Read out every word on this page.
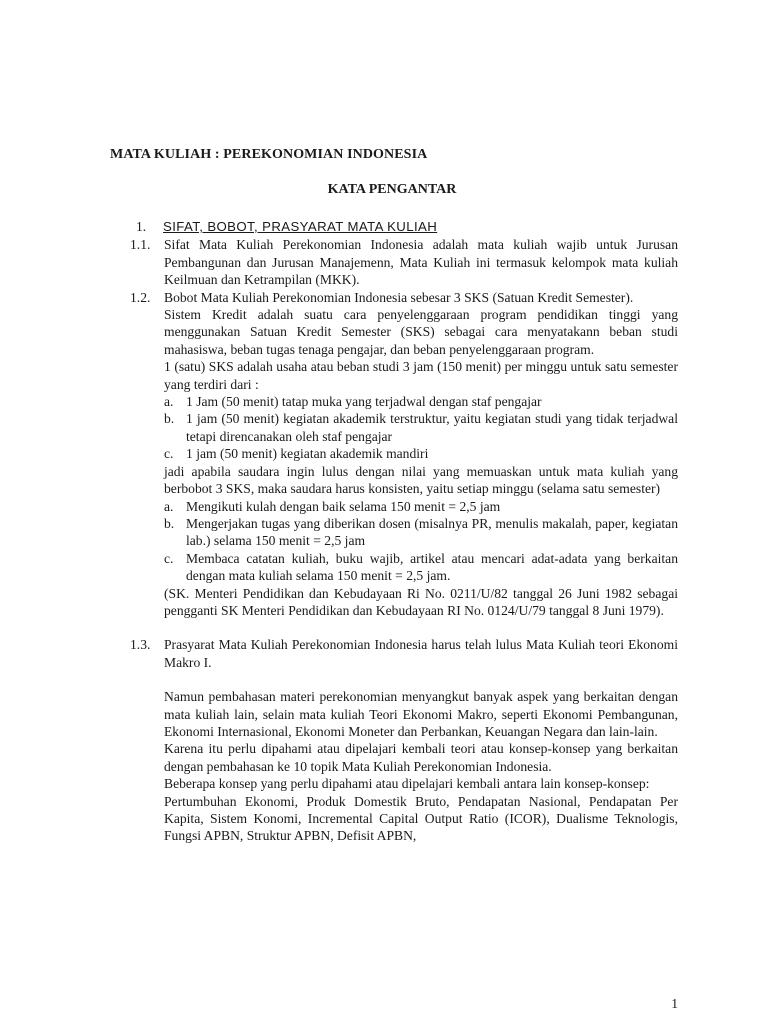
MATA KULIAH : PEREKONOMIAN INDONESIA
KATA PENGANTAR
1.	SIFAT, BOBOT, PRASYARAT MATA KULIAH
1.1.	Sifat Mata Kuliah Perekonomian Indonesia adalah mata kuliah wajib untuk Jurusan Pembangunan dan Jurusan Manajemenn, Mata Kuliah ini termasuk kelompok mata kuliah Keilmuan dan Ketrampilan (MKK).
1.2.	Bobot Mata Kuliah Perekonomian Indonesia sebesar 3 SKS (Satuan Kredit Semester).
Sistem Kredit adalah suatu cara penyelenggaraan program pendidikan tinggi yang menggunakan Satuan Kredit Semester (SKS) sebagai cara menyatakann beban studi mahasiswa, beban tugas tenaga pengajar, dan beban penyelenggaraan program.
1 (satu) SKS adalah usaha atau beban studi 3 jam (150 menit) per minggu untuk satu semester yang terdiri dari :
a. 1 Jam (50 menit) tatap muka yang terjadwal dengan staf pengajar
b. 1 jam (50 menit) kegiatan akademik terstruktur, yaitu kegiatan studi yang tidak terjadwal tetapi direncanakan oleh staf pengajar
c. 1 jam (50 menit) kegiatan akademik mandiri
jadi apabila saudara ingin lulus dengan nilai yang memuaskan untuk mata kuliah yang berbobot 3 SKS, maka saudara harus konsisten, yaitu setiap minggu (selama satu semester)
a. Mengikuti kulah dengan baik selama 150 menit = 2,5 jam
b. Mengerjakan tugas yang diberikan dosen (misalnya PR, menulis makalah, paper, kegiatan lab.) selama 150 menit = 2,5 jam
c. Membaca catatan kuliah, buku wajib, artikel atau mencari adat-adata yang berkaitan dengan mata kuliah selama 150 menit = 2,5 jam.
(SK. Menteri Pendidikan dan Kebudayaan Ri No. 0211/U/82 tanggal 26 Juni 1982 sebagai pengganti SK Menteri Pendidikan dan Kebudayaan RI No. 0124/U/79 tanggal 8 Juni 1979).
1.3.	Prasyarat Mata Kuliah Perekonomian Indonesia harus telah lulus Mata Kuliah teori Ekonomi Makro I.
Namun pembahasan materi perekonomian menyangkut banyak aspek yang berkaitan dengan mata kuliah lain, selain mata kuliah Teori Ekonomi Makro, seperti Ekonomi Pembangunan, Ekonomi Internasional, Ekonomi Moneter dan Perbankan, Keuangan Negara dan lain-lain.
Karena itu perlu dipahami atau dipelajari kembali teori atau konsep-konsep yang berkaitan dengan pembahasan ke 10 topik Mata Kuliah Perekonomian Indonesia.
Beberapa konsep yang perlu dipahami atau dipelajari kembali antara lain konsep-konsep:
Pertumbuhan Ekonomi, Produk Domestik Bruto, Pendapatan Nasional, Pendapatan Per Kapita, Sistem Konomi, Incremental Capital Output Ratio (ICOR), Dualisme Teknologis, Fungsi APBN, Struktur APBN, Defisit APBN,
1
